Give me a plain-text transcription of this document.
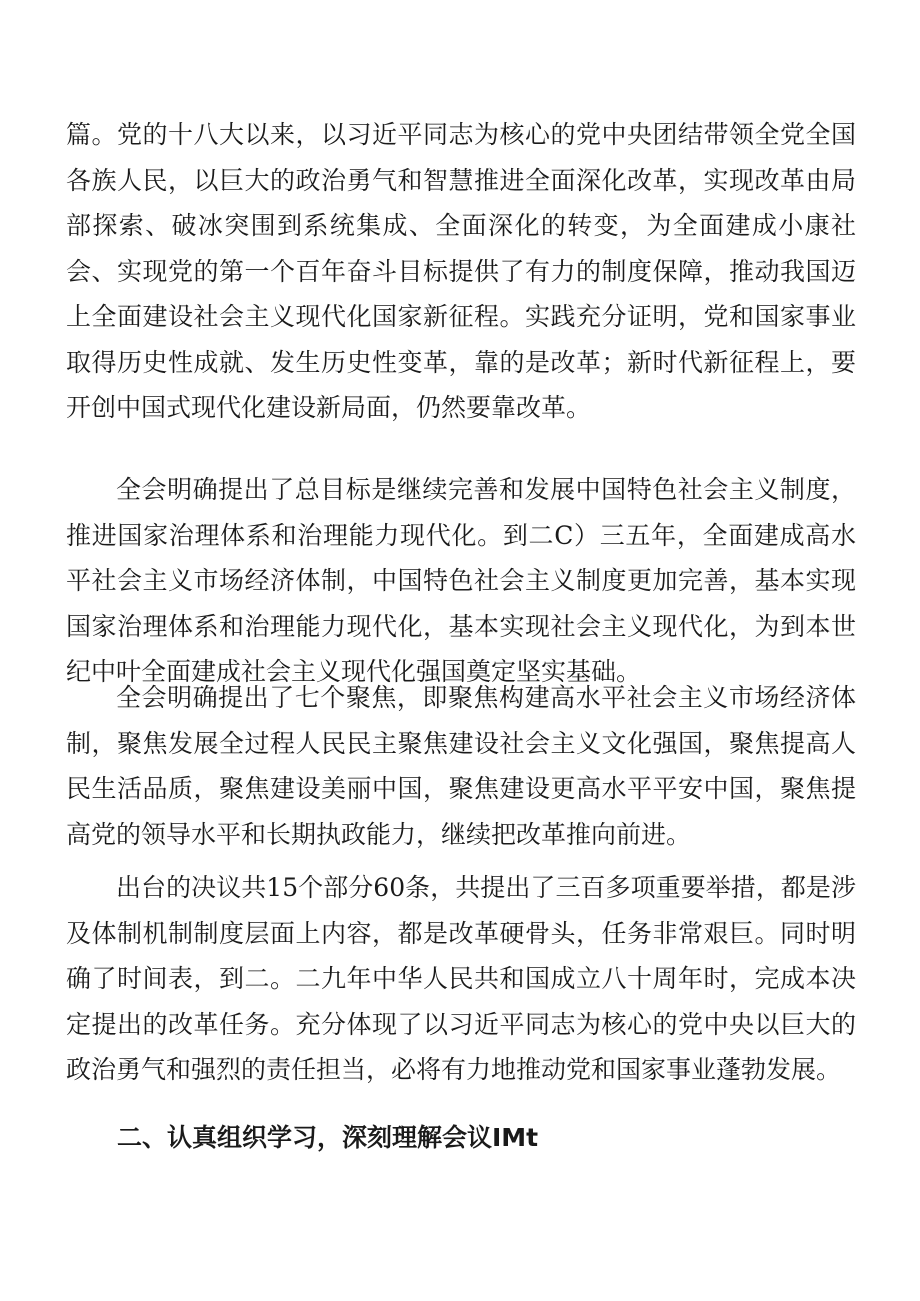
篇。党的十八大以来，以习近平同志为核心的党中央团结带领全党全国各族人民，以巨大的政治勇气和智慧推进全面深化改革，实现改革由局部探索、破冰突围到系统集成、全面深化的转变，为全面建成小康社会、实现党的第一个百年奋斗目标提供了有力的制度保障，推动我国迈上全面建设社会主义现代化国家新征程。实践充分证明，党和国家事业取得历史性成就、发生历史性变革，靠的是改革；新时代新征程上，要开创中国式现代化建设新局面，仍然要靠改革。

全会明确提出了总目标是继续完善和发展中国特色社会主义制度，推进国家治理体系和治理能力现代化。到二C）三五年，全面建成高水平社会主义市场经济体制，中国特色社会主义制度更加完善，基本实现国家治理体系和治理能力现代化，基本实现社会主义现代化，为到本世纪中叶全面建成社会主义现代化强国奠定坚实基础。

全会明确提出了七个聚焦，即聚焦构建高水平社会主义市场经济体制，聚焦发展全过程人民民主聚焦建设社会主义文化强国，聚焦提高人民生活品质，聚焦建设美丽中国，聚焦建设更高水平平安中国，聚焦提高党的领导水平和长期执政能力，继续把改革推向前进。

出台的决议共15个部分60条，共提出了三百多项重要举措，都是涉及体制机制制度层面上内容，都是改革硬骨头，任务非常艰巨。同时明确了时间表，到二。二九年中华人民共和国成立八十周年时，完成本决定提出的改革任务。充分体现了以习近平同志为核心的党中央以巨大的政治勇气和强烈的责任担当，必将有力地推动党和国家事业蓬勃发展。

二、认真组织学习，深刻理解会议IMt
